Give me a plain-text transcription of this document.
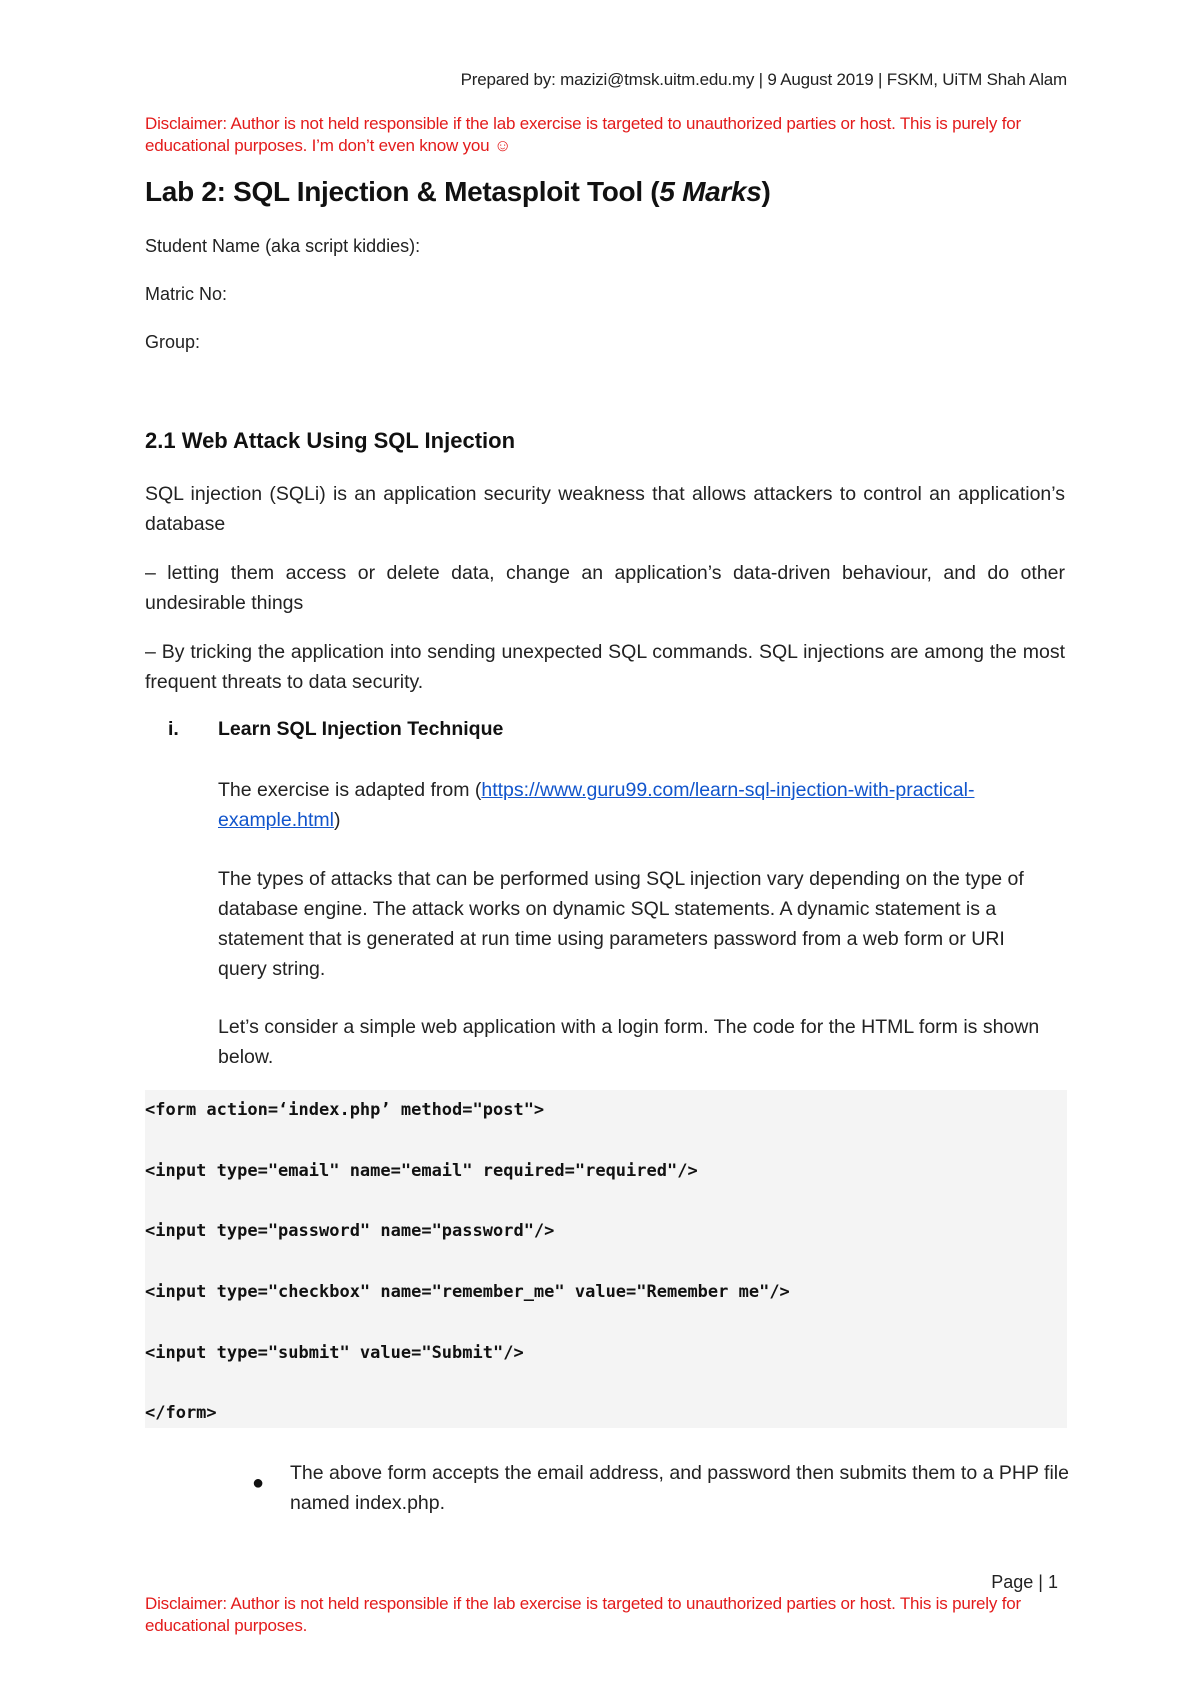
Prepared by: mazizi@tmsk.uitm.edu.my | 9 August 2019 | FSKM, UiTM Shah Alam
Disclaimer: Author is not held responsible if the lab exercise is targeted to unauthorized parties or host. This is purely for educational purposes. I’m don’t even know you ☺
Lab 2: SQL Injection & Metasploit Tool (5 Marks)
Student Name (aka script kiddies):
Matric No:
Group:
2.1 Web Attack Using SQL Injection
SQL injection (SQLi) is an application security weakness that allows attackers to control an application’s database
– letting them access or delete data, change an application’s data-driven behaviour, and do other undesirable things
– By tricking the application into sending unexpected SQL commands. SQL injections are among the most frequent threats to data security.
i. Learn SQL Injection Technique
The exercise is adapted from (https://www.guru99.com/learn-sql-injection-with-practical-example.html)
The types of attacks that can be performed using SQL injection vary depending on the type of database engine. The attack works on dynamic SQL statements. A dynamic statement is a statement that is generated at run time using parameters password from a web form or URI query string.
Let’s consider a simple web application with a login form. The code for the HTML form is shown below.
<form action=‘index.php’ method="post">
<input type="email" name="email" required="required"/>
<input type="password" name="password"/>
<input type="checkbox" name="remember_me" value="Remember me"/>
<input type="submit" value="Submit"/>
</form>
● The above form accepts the email address, and password then submits them to a PHP file named index.php.
Page | 1
Disclaimer: Author is not held responsible if the lab exercise is targeted to unauthorized parties or host. This is purely for educational purposes.
